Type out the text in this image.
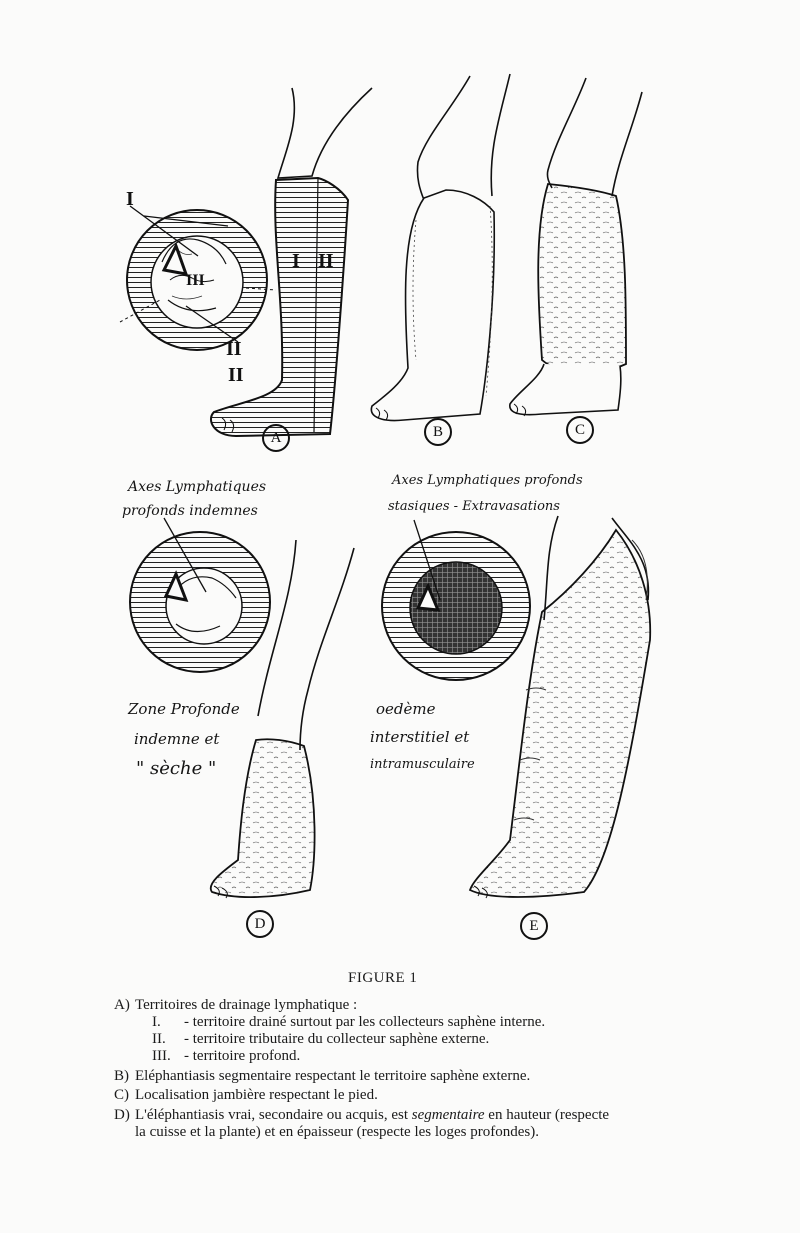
I
III
II
II
I II
A	B	C
D	E
Axes Lymphatiques
profonds indemnes
Zone Profonde
indemne et
" sèche "
Axes Lymphatiques profonds
stasiques - Extravasations
oedème
interstitiel et
intramusculaire
FIGURE 1
A) Territoires de drainage lymphatique :
I.	- territoire drainé surtout par les collecteurs saphène interne.
II.	- territoire tributaire du collecteur saphène externe.
III. - territoire profond.
B) Eléphantiasis segmentaire respectant le territoire saphène externe.
C) Localisation jambière respectant le pied.
D) L'éléphantiasis vrai, secondaire ou acquis, est segmentaire en hauteur (respecte
la cuisse et la plante) et en épaisseur (respecte les loges profondes).
